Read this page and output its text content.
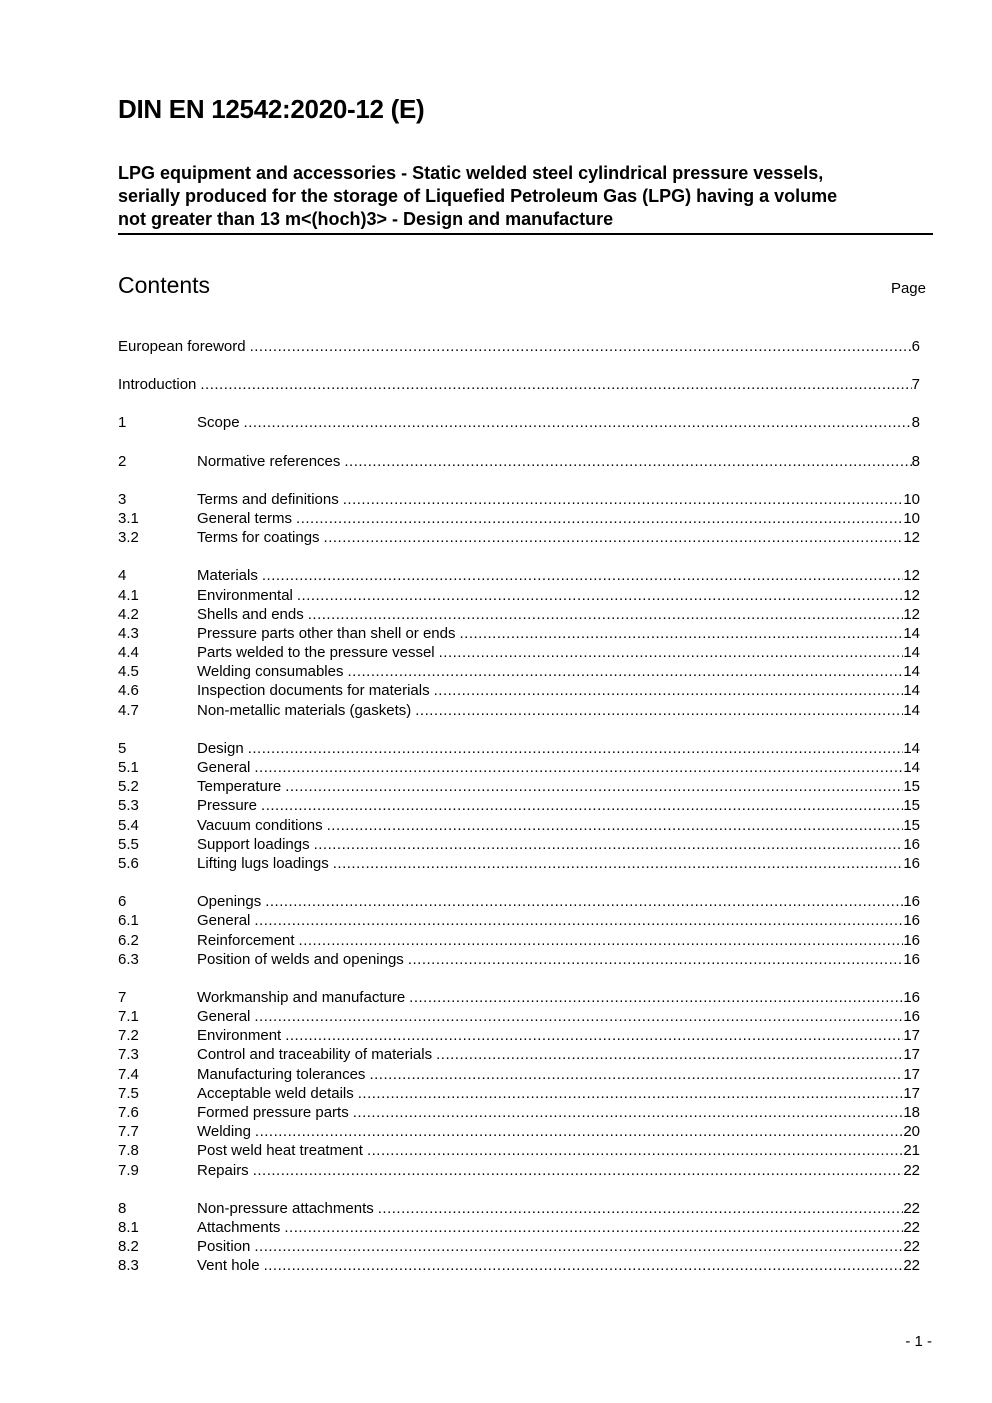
DIN EN 12542:2020-12 (E)
LPG equipment and accessories - Static welded steel cylindrical pressure vessels,
serially produced for the storage of Liquefied Petroleum Gas (LPG) having a volume
not greater than 13 m<(hoch)3> - Design and manufacture
Contents	Page
European foreword .....	6
Introduction .....	7
1	Scope .....	8
2	Normative references .....	8
3	Terms and definitions .....	10
3.1	General terms .....	10
3.2	Terms for coatings .....	12
4	Materials .....	12
4.1	Environmental .....	12
4.2	Shells and ends .....	12
4.3	Pressure parts other than shell or ends .....	14
4.4	Parts welded to the pressure vessel .....	14
4.5	Welding consumables .....	14
4.6	Inspection documents for materials .....	14
4.7	Non-metallic materials (gaskets) .....	14
5	Design .....	14
5.1	General .....	14
5.2	Temperature .....	15
5.3	Pressure .....	15
5.4	Vacuum conditions .....	15
5.5	Support loadings .....	16
5.6	Lifting lugs loadings .....	16
6	Openings .....	16
6.1	General .....	16
6.2	Reinforcement .....	16
6.3	Position of welds and openings .....	16
7	Workmanship and manufacture .....	16
7.1	General .....	16
7.2	Environment .....	17
7.3	Control and traceability of materials .....	17
7.4	Manufacturing tolerances .....	17
7.5	Acceptable weld details .....	17
7.6	Formed pressure parts .....	18
7.7	Welding .....	20
7.8	Post weld heat treatment .....	21
7.9	Repairs .....	22
8	Non-pressure attachments .....	22
8.1	Attachments .....	22
8.2	Position .....	22
8.3	Vent hole .....	22
- 1 -
